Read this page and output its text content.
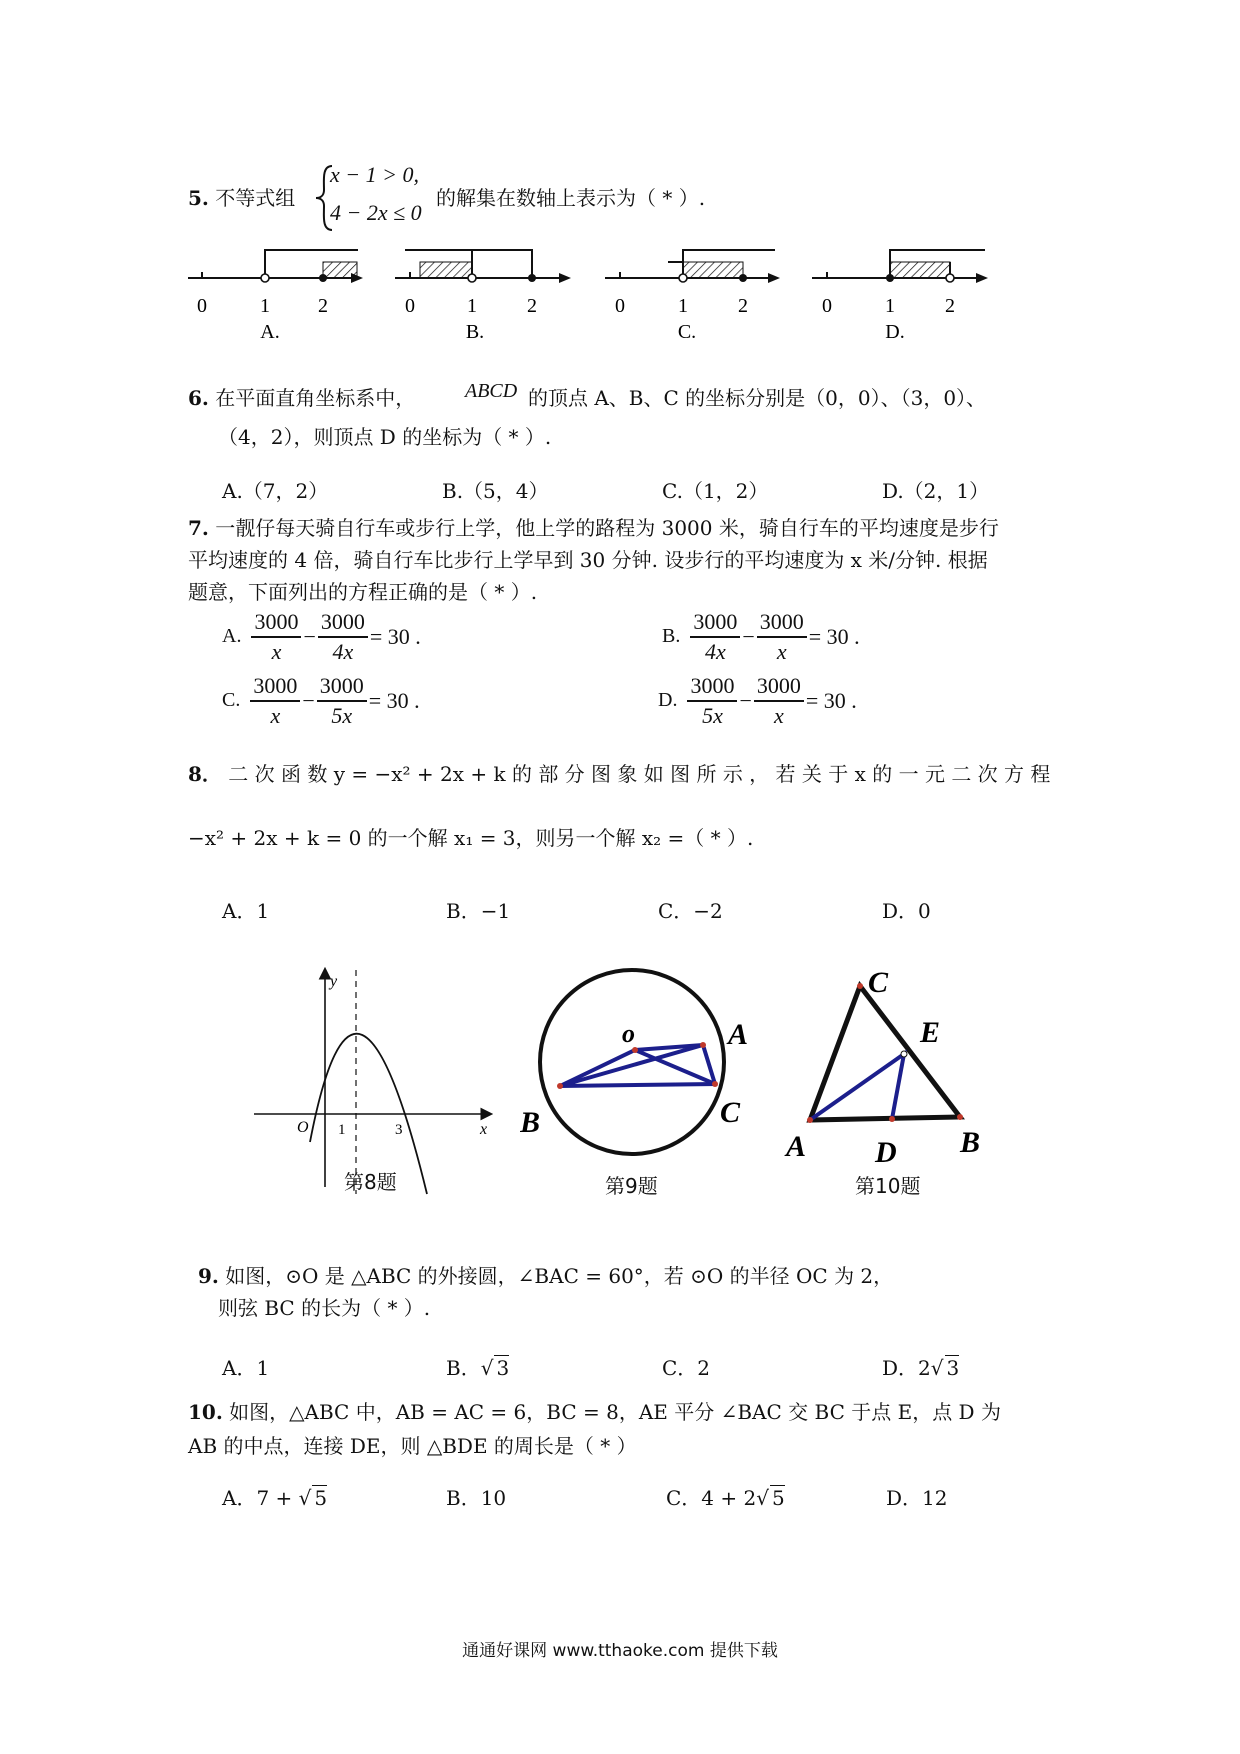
5. 不等式组
x − 1 > 0,
4 − 2x ≤ 0
的解集在数轴上表示为（ * ）.
0	1 2
A.
0	1	2
B.
0	1	2
C.
0	1	2
D.
6. 在平面直角坐标系中， ABCD 的顶点 A、B、C 的坐标分别是（0，0）、（3，0）、
（4，2），则顶点 D 的坐标为（ * ）.
A.（7，2）	B.（5，4）	C.（1，2）	D.（2，1）
7. 一靓仔每天骑自行车或步行上学，他上学的路程为 3000 米，骑自行车的平均速度是步行
平均速度的 4 倍，骑自行车比步行上学早到 30 分钟. 设步行的平均速度为 x 米/分钟. 根据
题意，下面列出的方程正确的是（ * ）.
A. $\frac{3000}{x} - \frac{3000}{4x} = 30$ .	B. $\frac{3000}{4x} - \frac{3000}{x} = 30$ .
C. $\frac{3000}{x} - \frac{3000}{5x} = 30$ .	D. $\frac{3000}{5x} - \frac{3000}{x} = 30$ .
8． 二 次 函 数 y = −x² + 2x + k 的 部 分 图 象 如 图 所 示 ， 若 关 于 x 的 一 元 二 次 方 程
−x² + 2x + k = 0 的一个解 x₁ = 3，则另一个解 x₂ =（ * ）.
A．1	B．−1	C．−2	D．0
y
x
O 1	3
第8题
o	A
B	C
第9题
C
E
A D B
第10题
9. 如图，⊙O 是 △ABC 的外接圆，∠BAC = 60°，若 ⊙O 的半径 OC 为 2，
则弦 BC 的长为（ * ）.
A．1	B．√ 3	C．2	D．2√ 3
10. 如图，△ABC 中，AB = AC = 6，BC = 8，AE 平分 ∠BAC 交 BC 于点 E，点 D 为
AB 的中点，连接 DE，则 △BDE 的周长是（ * ）
A．7 + √ 5	B．10	C．4 + 2√ 5	D．12
通通好课网 www.tthaoke.com 提供下载
